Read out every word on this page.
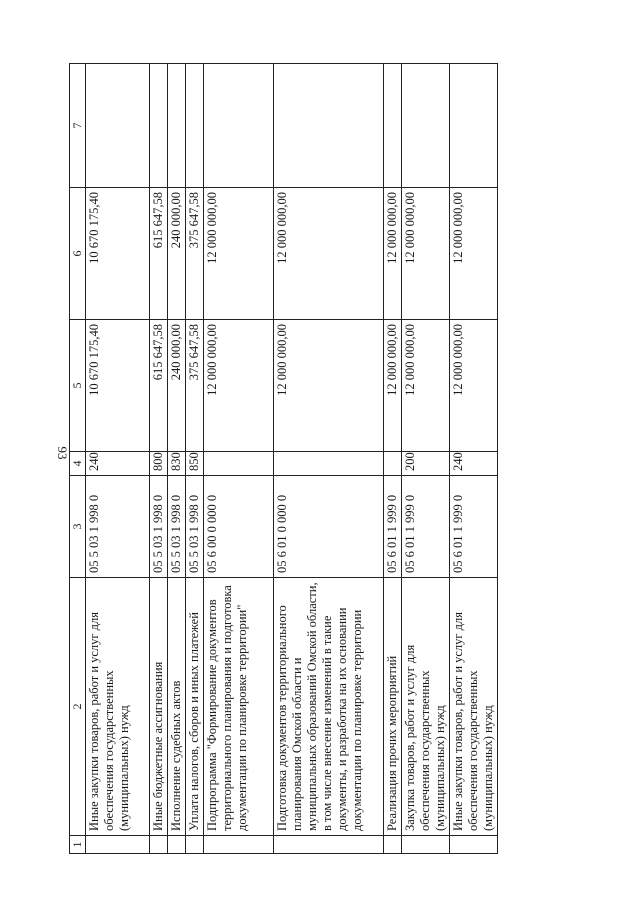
93
1	2	3	4	5	6	7
	Иные закупки товаров, работ и услуг для обеспечения государственных (муниципальных) нужд	05 5 03 1 998 0	240	10 670 175,40	10 670 175,40	
	Иные бюджетные ассигнования	05 5 03 1 998 0	800	615 647,58	615 647,58	
	Исполнение судебных актов	05 5 03 1 998 0	830	240 000,00	240 000,00	
	Уплата налогов, сборов и иных платежей	05 5 03 1 998 0	850	375 647,58	375 647,58	
	Подпрограмма "Формирование документов территориального планирования и подготовка документации по планировке территории"	05 6 00 0 000 0		12 000 000,00	12 000 000,00	
	Подготовка документов территориального планирования Омской области и муниципальных образований Омской области, в том числе внесение изменений в такие документы, и разработка на их основании документации по планировке территории	05 6 01 0 000 0		12 000 000,00	12 000 000,00	
	Реализация прочих мероприятий	05 6 01 1 999 0		12 000 000,00	12 000 000,00	
	Закупка товаров, работ и услуг для обеспечения государственных (муниципальных) нужд	05 6 01 1 999 0	200	12 000 000,00	12 000 000,00	
	Иные закупки товаров, работ и услуг для обеспечения государственных (муниципальных) нужд	05 6 01 1 999 0	240	12 000 000,00	12 000 000,00	
